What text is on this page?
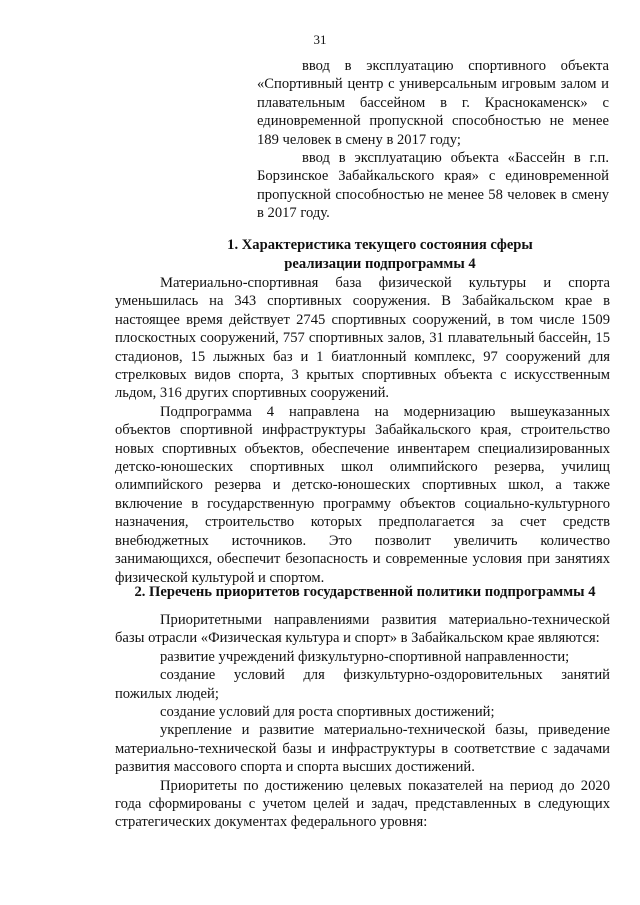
31

ввод в эксплуатацию спортивного объекта «Спортивный центр с универсальным игровым залом и плавательным бассейном в г. Краснокаменск» с единовременной пропускной способностью не менее 189 человек в смену в 2017 году;

ввод в эксплуатацию объекта «Бассейн в г.п. Борзинское Забайкальского края» с единовременной пропускной способностью не менее 58 человек в смену в 2017 году.

1. Характеристика текущего состояния сферы
реализации подпрограммы 4

Материально-спортивная база физической культуры и спорта уменьшилась на 343 спортивных сооружения. В Забайкальском крае в настоящее время действует 2745 спортивных сооружений, в том числе 1509 плоскостных сооружений, 757 спортивных залов, 31 плавательный бассейн, 15 стадионов, 15 лыжных баз и 1 биатлонный комплекс, 97 сооружений для стрелковых видов спорта, 3 крытых спортивных объекта с искусственным льдом, 316 других спортивных сооружений.

Подпрограмма 4 направлена на модернизацию вышеуказанных объектов спортивной инфраструктуры Забайкальского края, строительство новых спортивных объектов, обеспечение инвентарем специализированных детско-юношеских спортивных школ олимпийского резерва, училищ олимпийского резерва и детско-юношеских спортивных школ, а также включение в государственную программу объектов социально-культурного назначения, строительство которых предполагается за счет средств внебюджетных источников. Это позволит увеличить количество занимающихся, обеспечит безопасность и современные условия при занятиях физической культурой и спортом.

2. Перечень приоритетов государственной политики подпрограммы 4

Приоритетными направлениями развития материально-технической базы отрасли «Физическая культура и спорт» в Забайкальском крае являются:

развитие учреждений физкультурно-спортивной направленности;

создание условий для физкультурно-оздоровительных занятий пожилых людей;

создание условий для роста спортивных достижений;

укрепление и развитие материально-технической базы, приведение материально-технической базы и инфраструктуры в соответствие с задачами развития массового спорта и спорта высших достижений.

Приоритеты по достижению целевых показателей на период до 2020 года сформированы с учетом целей и задач, представленных в следующих стратегических документах федерального уровня:
